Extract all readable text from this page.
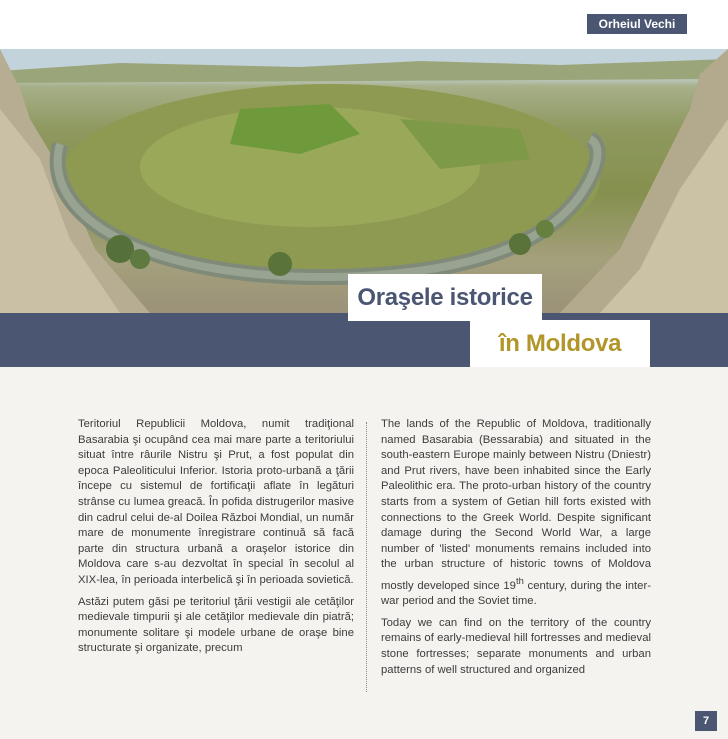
Orheiul Vechi
Oraşele istorice
în Moldova

Teritoriul Republicii Moldova, numit tradiţional Basarabia şi ocupând cea mai mare parte a teritoriului situat între râurile Nistru şi Prut, a fost populat din epoca Paleoliticului Inferior. Istoria proto-urbană a ţării începe cu sistemul de fortificaţii aflate în legături strânse cu lumea greacă. În pofida distrugerilor masive din cadrul celui de-al Doilea Război Mondial, un număr mare de monumente înregistrare continuă să facă parte din structura urbană a oraşelor istorice din Moldova care s-au dezvoltat în special în secolul al XIX-lea, în perioada interbelică şi în perioada sovietică.

Astăzi putem găsi pe teritoriul ţării vestigii ale cetăţilor medievale timpurii şi ale cetăţilor medievale din piatră; monumente solitare şi modele urbane de oraşe bine structurate şi organizate, precum

The lands of the Republic of Moldova, traditionally named Basarabia (Bessarabia) and situated in the south-eastern Europe mainly between Nistru (Dniestr) and Prut rivers, have been inhabited since the Early Paleolithic era. The proto-urban history of the country starts from a system of Getian hill forts existed with connections to the Greek World. Despite significant damage during the Second World War, a large number of 'listed' monuments remains included into the urban structure of historic towns of Moldova mostly developed since 19th century, during the inter-war period and the Soviet time.

Today we can find on the territory of the country remains of early-medieval hill fortresses and medieval stone fortresses; separate monuments and urban patterns of well structured and organized

7
